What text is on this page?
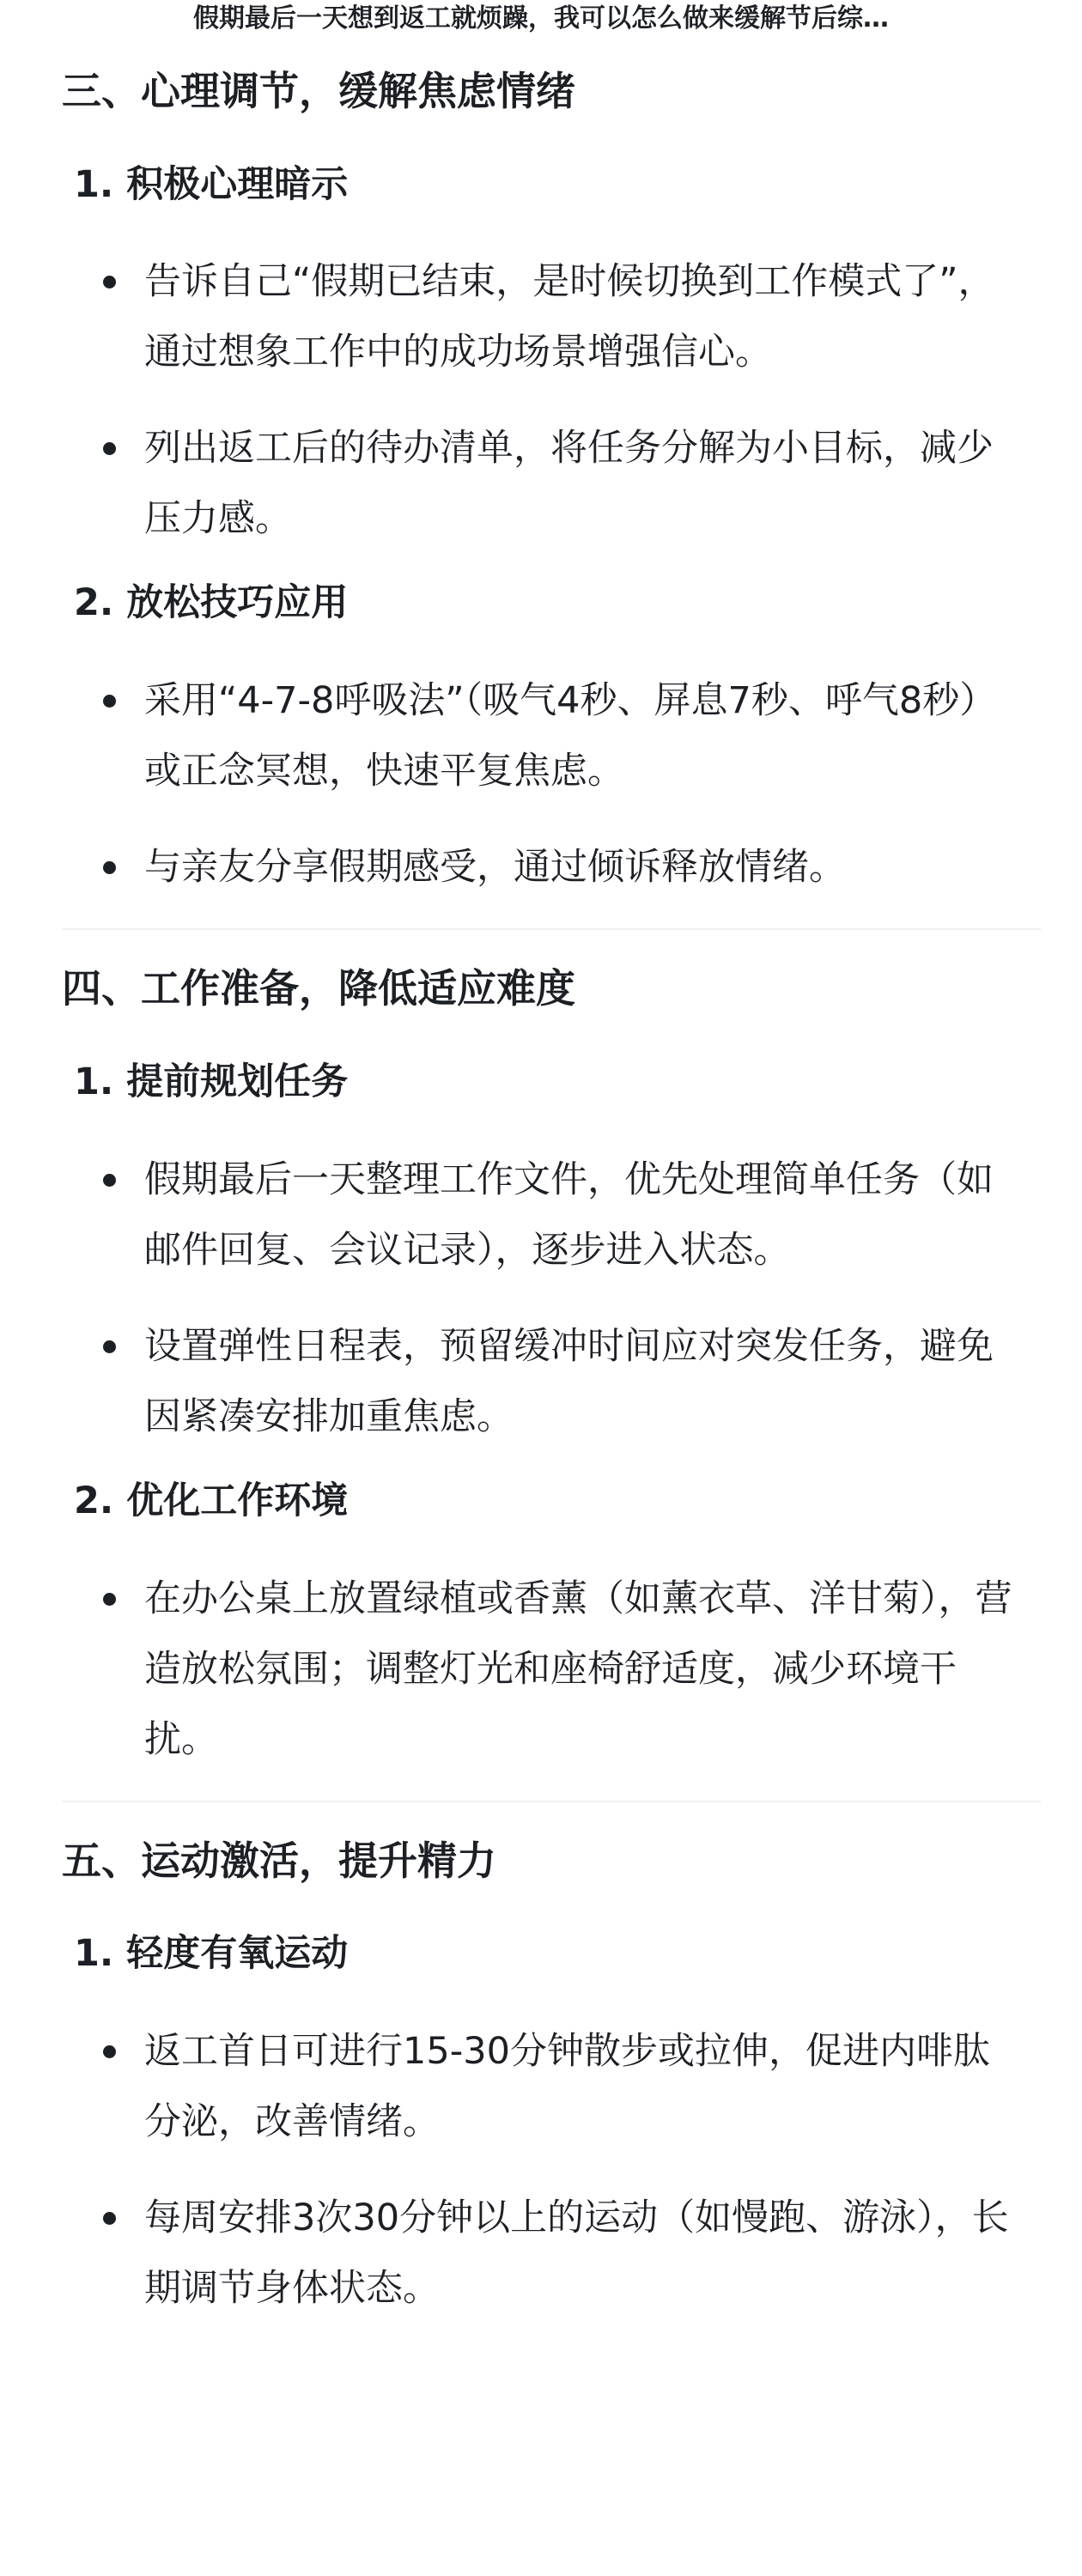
假期最后一天想到返工就烦躁，我可以怎么做来缓解节后综…
三、心理调节，缓解焦虑情绪
1. 积极心理暗示
告诉自己“假期已结束，是时候切换到工作模式了”，通过想象工作中的成功场景增强信心。
列出返工后的待办清单，将任务分解为小目标，减少压力感。
2. 放松技巧应用
采用“4-7-8呼吸法”（吸气4秒、屏息7秒、呼气8秒）或正念冥想，快速平复焦虑。
与亲友分享假期感受，通过倾诉释放情绪。
四、工作准备，降低适应难度
1. 提前规划任务
假期最后一天整理工作文件，优先处理简单任务（如邮件回复、会议记录），逐步进入状态。
设置弹性日程表，预留缓冲时间应对突发任务，避免因紧凑安排加重焦虑。
2. 优化工作环境
在办公桌上放置绿植或香薰（如薰衣草、洋甘菊），营造放松氛围；调整灯光和座椅舒适度，减少环境干扰。
五、运动激活，提升精力
1. 轻度有氧运动
返工首日可进行15-30分钟散步或拉伸，促进内啡肽分泌，改善情绪。
每周安排3次30分钟以上的运动（如慢跑、游泳），长期调节身体状态。
